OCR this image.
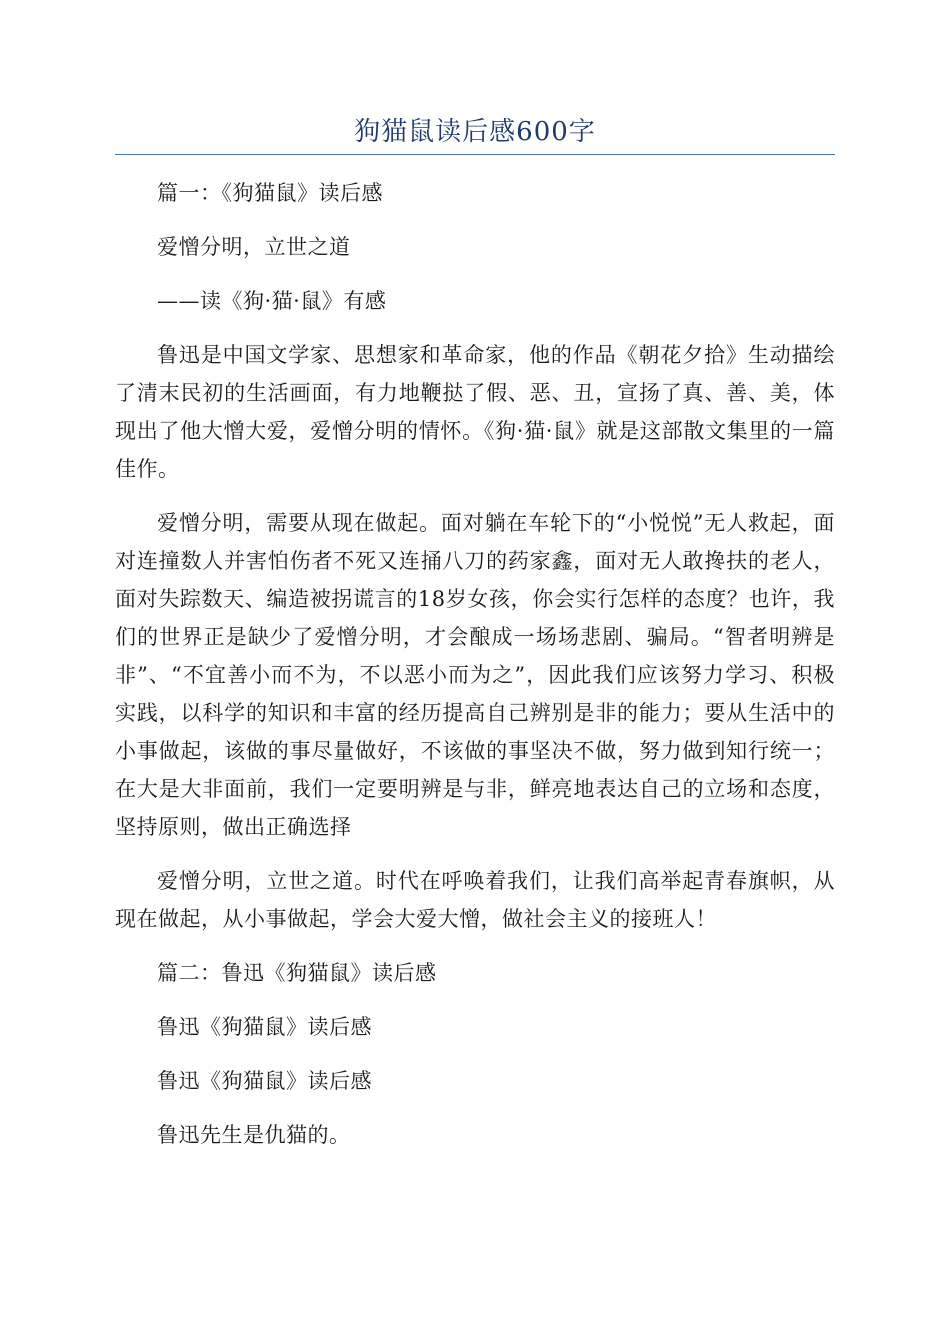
狗猫鼠读后感600字

篇一：《狗猫鼠》读后感

爱憎分明，立世之道

——读《狗·猫·鼠》有感

鲁迅是中国文学家、思想家和革命家，他的作品《朝花夕拾》生动描绘了清末民初的生活画面，有力地鞭挞了假、恶、丑，宣扬了真、善、美，体现出了他大憎大爱，爱憎分明的情怀。《狗·猫·鼠》就是这部散文集里的一篇佳作。

爱憎分明，需要从现在做起。面对躺在车轮下的“小悦悦”无人救起，面对连撞数人并害怕伤者不死又连捅八刀的药家鑫，面对无人敢搀扶的老人，面对失踪数天、编造被拐谎言的18岁女孩，你会实行怎样的态度？也许，我们的世界正是缺少了爱憎分明，才会酿成一场场悲剧、骗局。“智者明辨是非”、“不宜善小而不为，不以恶小而为之”，因此我们应该努力学习、积极实践，以科学的知识和丰富的经历提高自己辨别是非的能力；要从生活中的小事做起，该做的事尽量做好，不该做的事坚决不做，努力做到知行统一；在大是大非面前，我们一定要明辨是与非，鲜亮地表达自己的立场和态度，坚持原则，做出正确选择

爱憎分明，立世之道。时代在呼唤着我们，让我们高举起青春旗帜，从现在做起，从小事做起，学会大爱大憎，做社会主义的接班人！

篇二：鲁迅《狗猫鼠》读后感

鲁迅《狗猫鼠》读后感

鲁迅《狗猫鼠》读后感

鲁迅先生是仇猫的。
